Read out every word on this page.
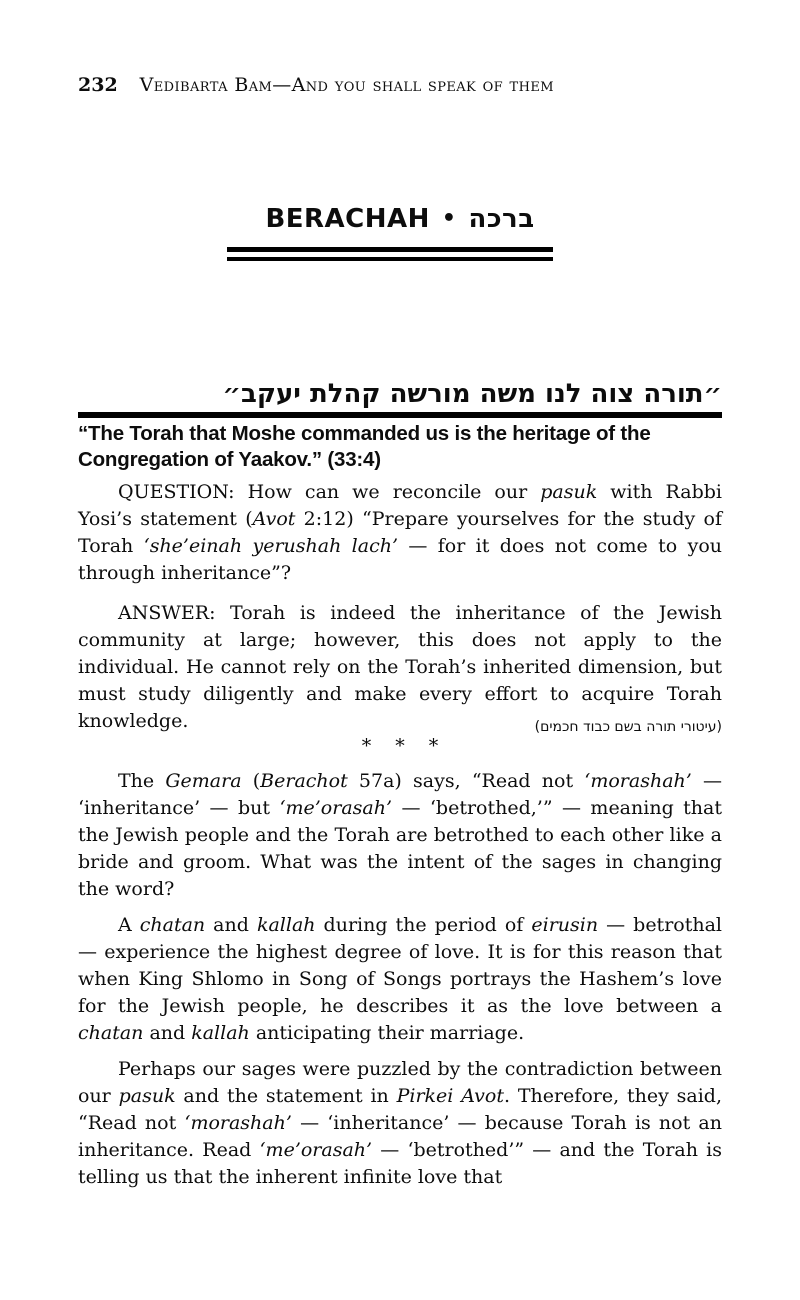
232 Vedibarta Bam—And you shall speak of them
BERACHAH • ברכה
״תורה צוה לנו משה מורשה קהלת יעקב״
“The Torah that Moshe commanded us is the heritage of the Congregation of Yaakov.” (33:4)

QUESTION: How can we reconcile our pasuk with Rabbi Yosi’s statement (Avot 2:12) “Prepare yourselves for the study of Torah ‘she’einah yerushah lach’ — for it does not come to you through inheritance”?

ANSWER: Torah is indeed the inheritance of the Jewish community at large; however, this does not apply to the individual. He cannot rely on the Torah’s inherited dimension, but must study diligently and make every effort to acquire Torah knowledge.	(עיטורי תורה בשם כבוד חכמים)
* * *

The Gemara (Berachot 57a) says, “Read not ‘morashah’ — ‘inheritance’ — but ‘me’orasah’ — ‘betrothed,’” — meaning that the Jewish people and the Torah are betrothed to each other like a bride and groom. What was the intent of the sages in changing the word?

A chatan and kallah during the period of eirusin — betrothal — experience the highest degree of love. It is for this reason that when King Shlomo in Song of Songs portrays the Hashem’s love for the Jewish people, he describes it as the love between a chatan and kallah anticipating their marriage.

Perhaps our sages were puzzled by the contradiction between our pasuk and the statement in Pirkei Avot. Therefore, they said, “Read not ‘morashah’ — ‘inheritance’ — because Torah is not an inheritance. Read ‘me’orasah’ — ‘betrothed’” — and the Torah is telling us that the inherent infinite love that
